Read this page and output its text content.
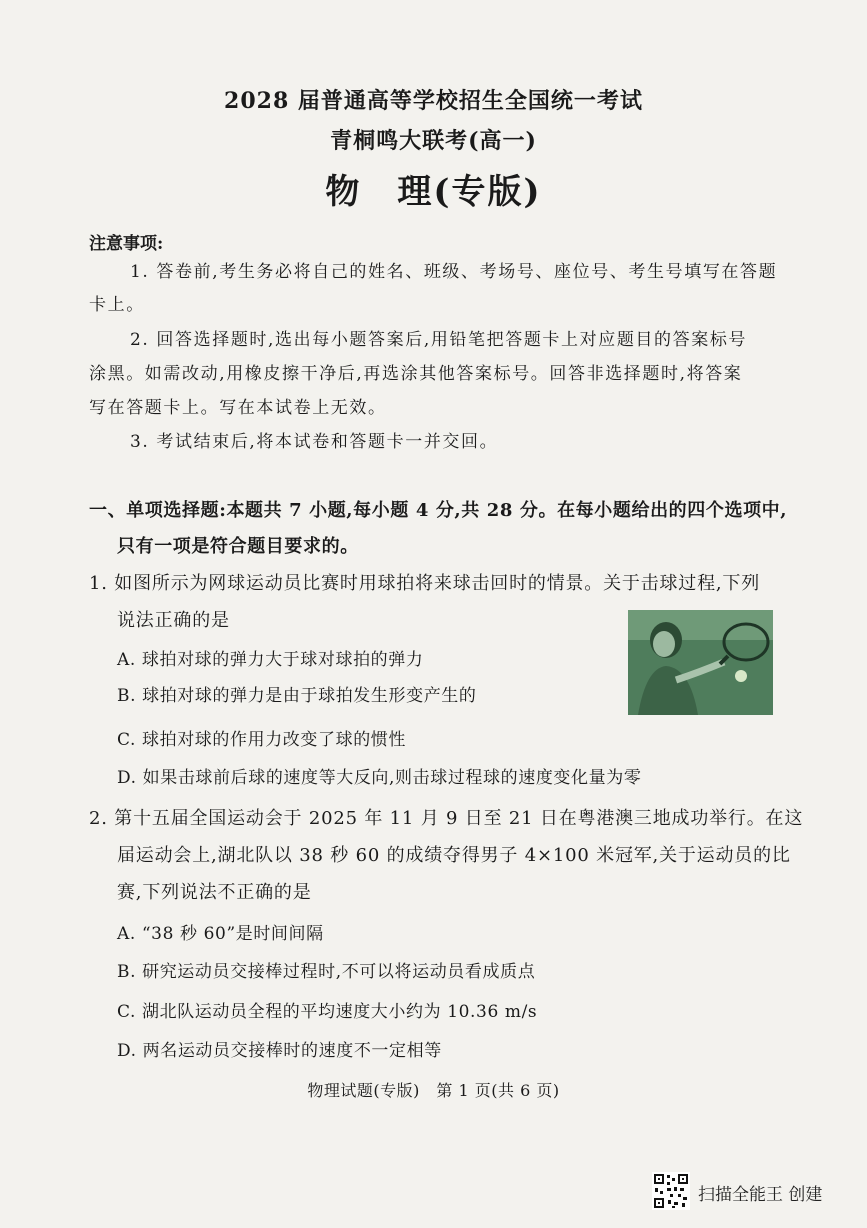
2028 届普通高等学校招生全国统一考试
青桐鸣大联考(高一)
物　理(专版)
注意事项:
1. 答卷前,考生务必将自己的姓名、班级、考场号、座位号、考生号填写在答题
卡上。
2. 回答选择题时,选出每小题答案后,用铅笔把答题卡上对应题目的答案标号
涂黑。如需改动,用橡皮擦干净后,再选涂其他答案标号。回答非选择题时,将答案
写在答题卡上。写在本试卷上无效。
3. 考试结束后,将本试卷和答题卡一并交回。
一、单项选择题:本题共 7 小题,每小题 4 分,共 28 分。在每小题给出的四个选项中,
只有一项是符合题目要求的。
1. 如图所示为网球运动员比赛时用球拍将来球击回时的情景。关于击球过程,下列
说法正确的是
A. 球拍对球的弹力大于球对球拍的弹力
B. 球拍对球的弹力是由于球拍发生形变产生的
C. 球拍对球的作用力改变了球的惯性
D. 如果击球前后球的速度等大反向,则击球过程球的速度变化量为零
2. 第十五届全国运动会于 2025 年 11 月 9 日至 21 日在粤港澳三地成功举行。在这
届运动会上,湖北队以 38 秒 60 的成绩夺得男子 4×100 米冠军,关于运动员的比
赛,下列说法不正确的是
A. “38 秒 60”是时间间隔
B. 研究运动员交接棒过程时,不可以将运动员看成质点
C. 湖北队运动员全程的平均速度大小约为 10.36 m/s
D. 两名运动员交接棒时的速度不一定相等
物理试题(专版)　第 1 页(共 6 页)
扫描全能王 创建
